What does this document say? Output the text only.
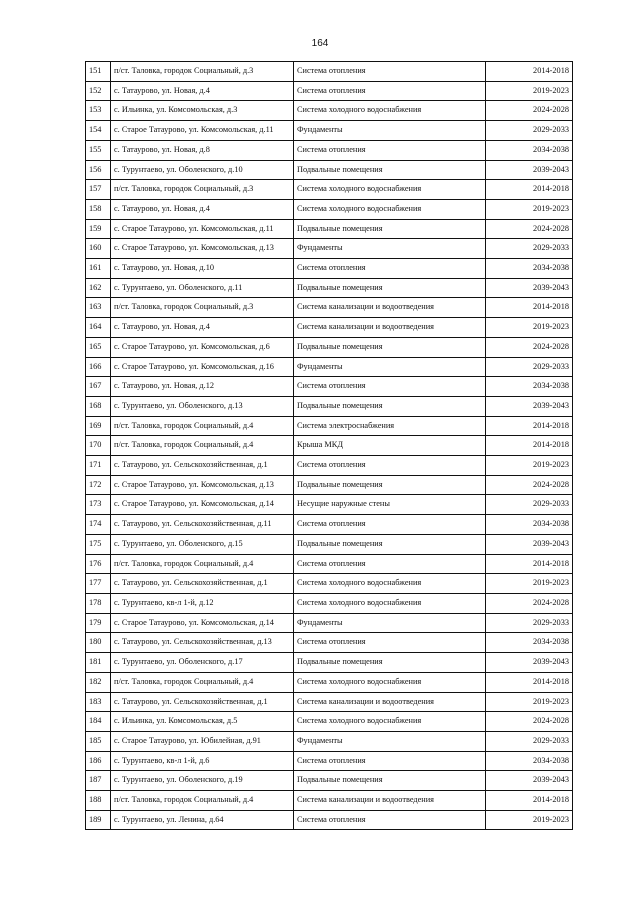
164
151	п/ст. Таловка, городок Социальный, д.3	Система отопления	2014-2018
152	с. Татаурово, ул. Новая, д.4	Система отопления	2019-2023
153	с. Ильинка, ул. Комсомольская, д.3	Система холодного водоснабжения	2024-2028
154	с. Старое Татаурово, ул. Комсомольская, д.11	Фундаменты	2029-2033
155	с. Татаурово, ул. Новая, д.8	Система отопления	2034-2038
156	с. Турунтаево, ул. Оболенского, д.10	Подвальные помещения	2039-2043
157	п/ст. Таловка, городок Социальный, д.3	Система холодного водоснабжения	2014-2018
158	с. Татаурово, ул. Новая, д.4	Система холодного водоснабжения	2019-2023
159	с. Старое Татаурово, ул. Комсомольская, д.11	Подвальные помещения	2024-2028
160	с. Старое Татаурово, ул. Комсомольская, д.13	Фундаменты	2029-2033
161	с. Татаурово, ул. Новая, д.10	Система отопления	2034-2038
162	с. Турунтаево, ул. Оболенского, д.11	Подвальные помещения	2039-2043
163	п/ст. Таловка, городок Социальный, д.3	Система канализации и водоотведения	2014-2018
164	с. Татаурово, ул. Новая, д.4	Система канализации и водоотведения	2019-2023
165	с. Старое Татаурово, ул. Комсомольская, д.6	Подвальные помещения	2024-2028
166	с. Старое Татаурово, ул. Комсомольская, д.16	Фундаменты	2029-2033
167	с. Татаурово, ул. Новая, д.12	Система отопления	2034-2038
168	с. Турунтаево, ул. Оболенского, д.13	Подвальные помещения	2039-2043
169	п/ст. Таловка, городок Социальный, д.4	Система электроснабжения	2014-2018
170	п/ст. Таловка, городок Социальный, д.4	Крыша МКД	2014-2018
171	с. Татаурово, ул. Сельскохозяйственная, д.1	Система отопления	2019-2023
172	с. Старое Татаурово, ул. Комсомольская, д.13	Подвальные помещения	2024-2028
173	с. Старое Татаурово, ул. Комсомольская, д.14	Несущие наружные стены	2029-2033
174	с. Татаурово, ул. Сельскохозяйственная, д.11	Система отопления	2034-2038
175	с. Турунтаево, ул. Оболенского, д.15	Подвальные помещения	2039-2043
176	п/ст. Таловка, городок Социальный, д.4	Система отопления	2014-2018
177	с. Татаурово, ул. Сельскохозяйственная, д.1	Система холодного водоснабжения	2019-2023
178	с. Турунтаево, кв-л 1-й, д.12	Система холодного водоснабжения	2024-2028
179	с. Старое Татаурово, ул. Комсомольская, д.14	Фундаменты	2029-2033
180	с. Татаурово, ул. Сельскохозяйственная, д.13	Система отопления	2034-2038
181	с. Турунтаево, ул. Оболенского, д.17	Подвальные помещения	2039-2043
182	п/ст. Таловка, городок Социальный, д.4	Система холодного водоснабжения	2014-2018
183	с. Татаурово, ул. Сельскохозяйственная, д.1	Система канализации и водоотведения	2019-2023
184	с. Ильинка, ул. Комсомольская, д.5	Система холодного водоснабжения	2024-2028
185	с. Старое Татаурово, ул. Юбилейная, д.91	Фундаменты	2029-2033
186	с. Турунтаево, кв-л 1-й, д.6	Система отопления	2034-2038
187	с. Турунтаево, ул. Оболенского, д.19	Подвальные помещения	2039-2043
188	п/ст. Таловка, городок Социальный, д.4	Система канализации и водоотведения	2014-2018
189	с. Турунтаево, ул. Ленина, д.64	Система отопления	2019-2023
